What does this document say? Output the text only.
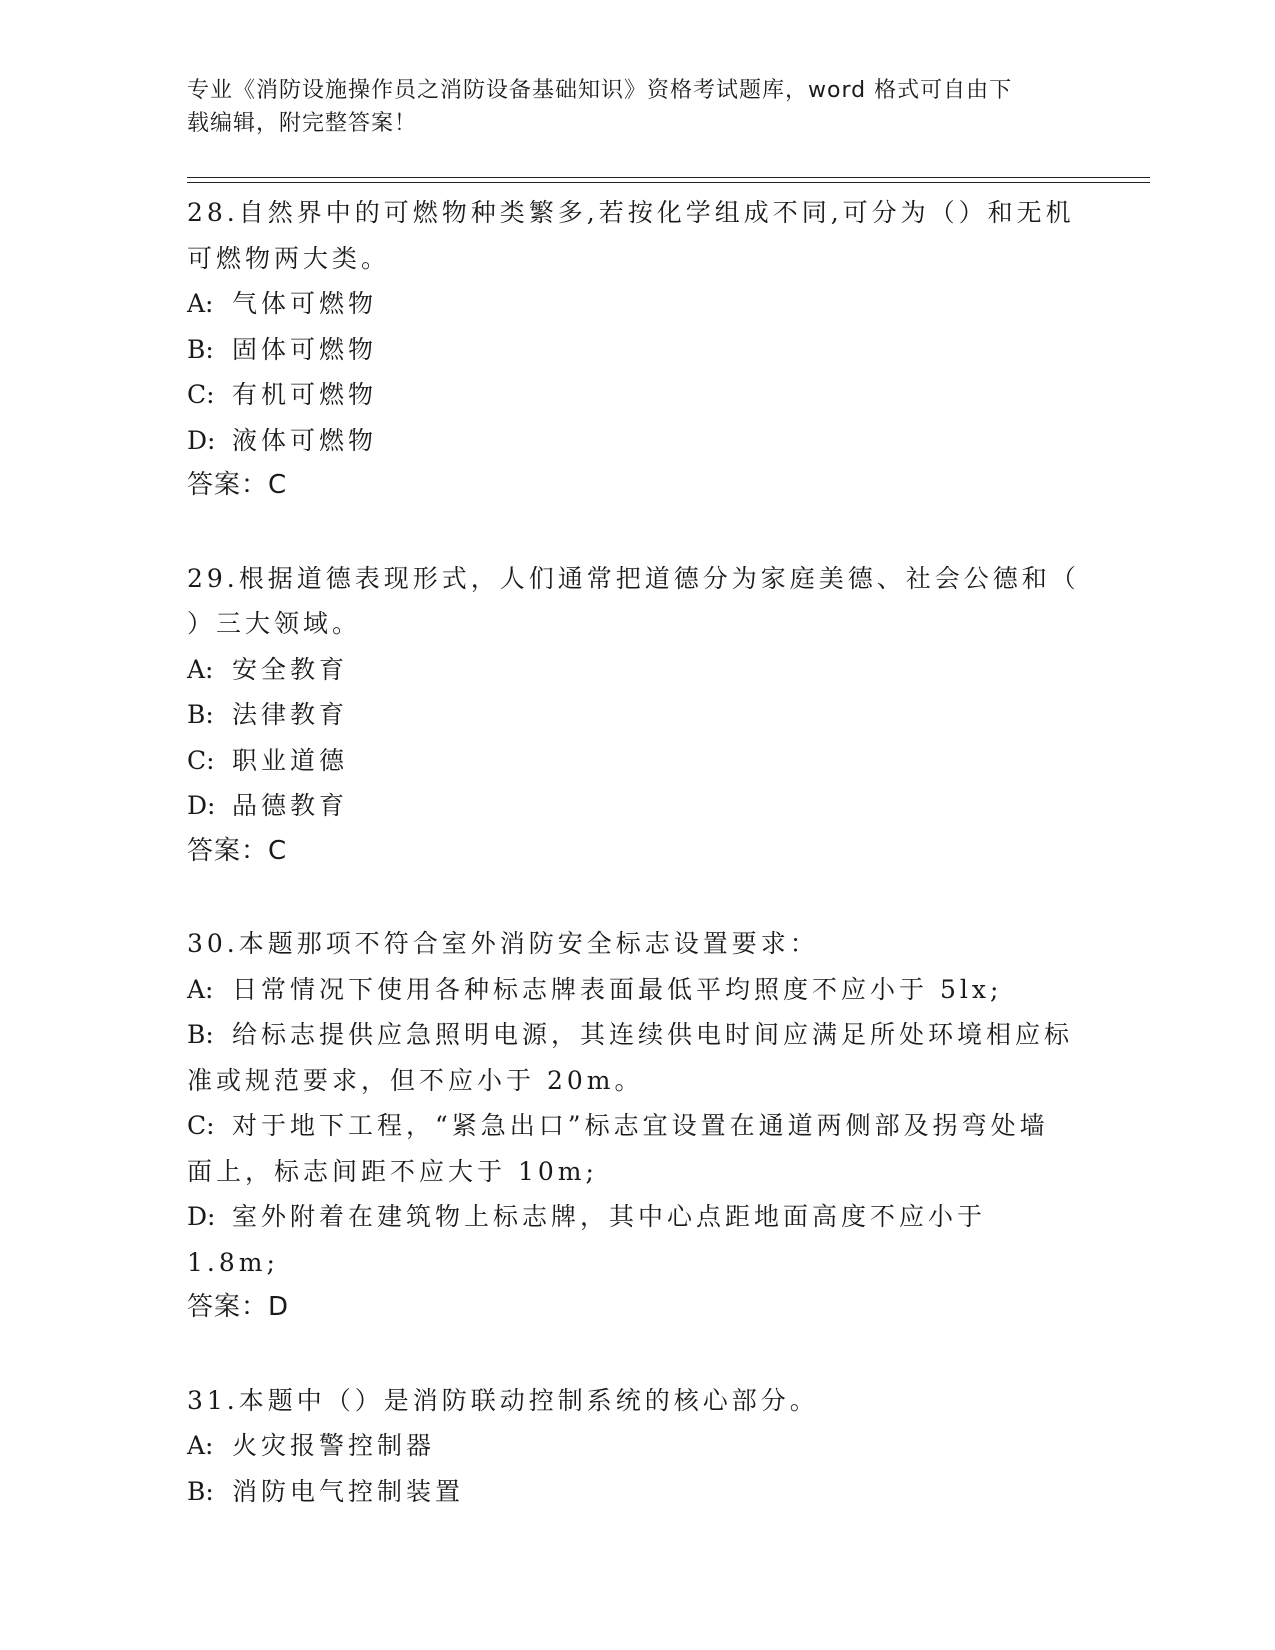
专业《消防设施操作员之消防设备基础知识》资格考试题库，word 格式可自由下
载编辑，附完整答案！
28.自然界中的可燃物种类繁多,若按化学组成不同,可分为（）和无机
可燃物两大类。
A: 气体可燃物
B: 固体可燃物
C: 有机可燃物
D: 液体可燃物
答案：C
29.根据道德表现形式，人们通常把道德分为家庭美德、社会公德和（
）三大领域。
A: 安全教育
B: 法律教育
C: 职业道德
D: 品德教育
答案：C
30.本题那项不符合室外消防安全标志设置要求：
A: 日常情况下使用各种标志牌表面最低平均照度不应小于 5lx;
B: 给标志提供应急照明电源，其连续供电时间应满足所处环境相应标
准或规范要求，但不应小于 20m。
C: 对于地下工程，“紧急出口”标志宜设置在通道两侧部及拐弯处墙
面上，标志间距不应大于 10m;
D: 室外附着在建筑物上标志牌，其中心点距地面高度不应小于 1.8m;
答案：D
31.本题中（）是消防联动控制系统的核心部分。
A: 火灾报警控制器
B: 消防电气控制装置
